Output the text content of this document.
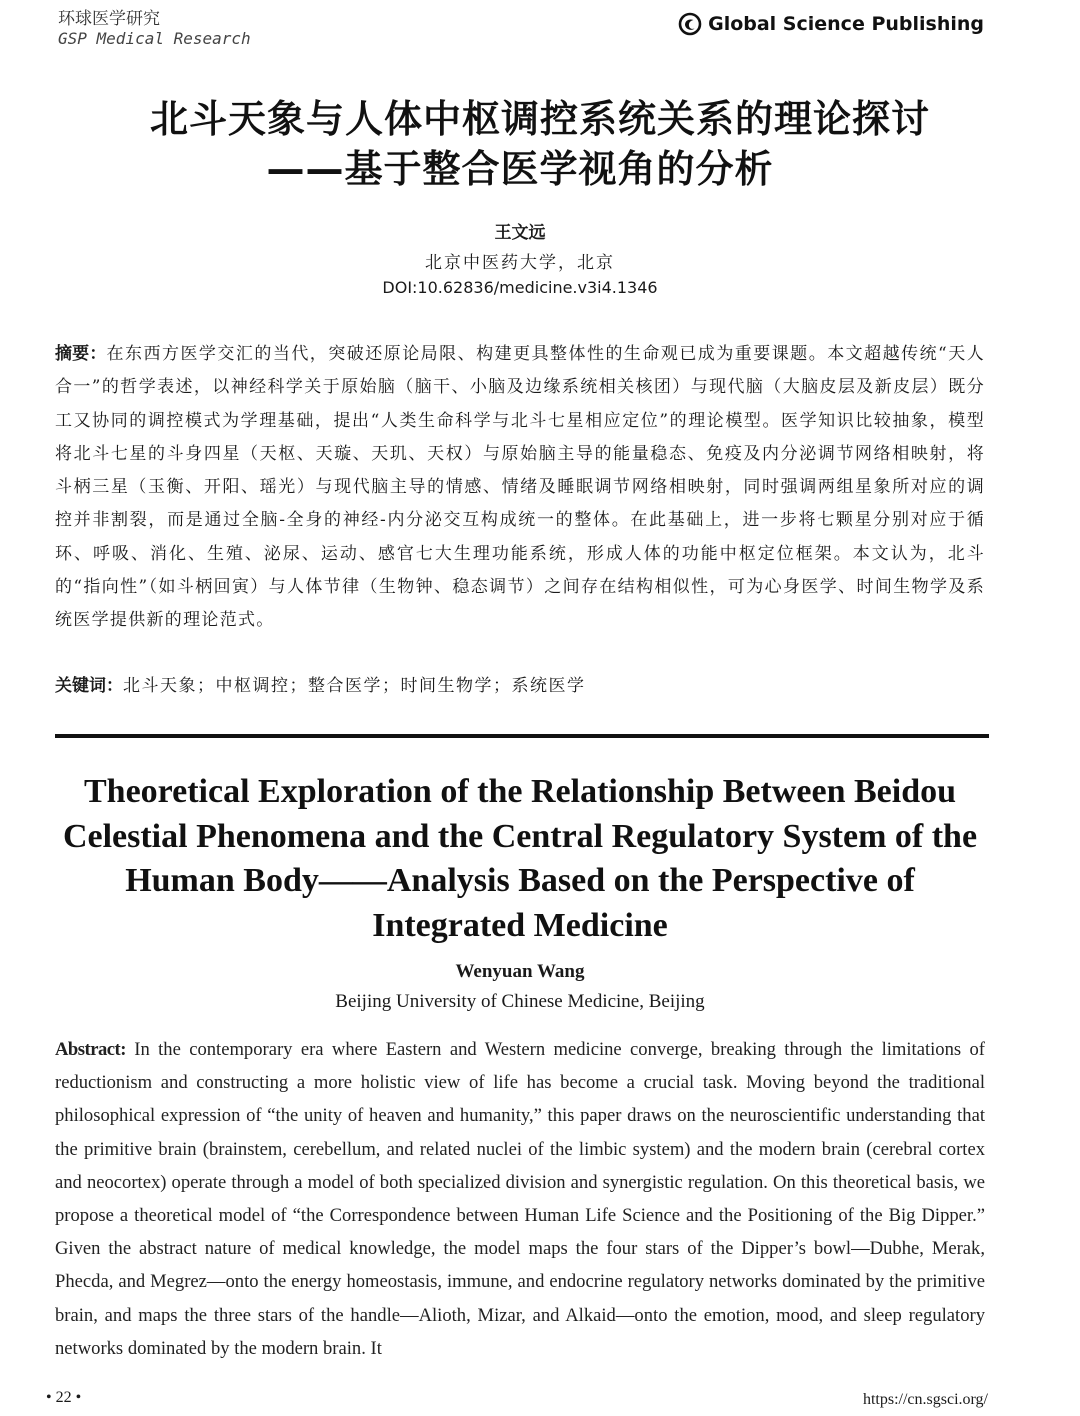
环球医学研究
GSP Medical Research
Global Science Publishing
北斗天象与人体中枢调控系统关系的理论探讨
——基于整合医学视角的分析
王文远
北京中医药大学，北京
DOI:10.62836/medicine.v3i4.1346
摘要：在东西方医学交汇的当代，突破还原论局限、构建更具整体性的生命观已成为重要课题。本文超越传统“天人合一”的哲学表述，以神经科学关于原始脑（脑干、小脑及边缘系统相关核团）与现代脑（大脑皮层及新皮层）既分工又协同的调控模式为学理基础，提出“人类生命科学与北斗七星相应定位”的理论模型。医学知识比较抽象，模型将北斗七星的斗身四星（天枢、天璇、天玑、天权）与原始脑主导的能量稳态、免疫及内分泌调节网络相映射，将斗柄三星（玉衡、开阳、瑶光）与现代脑主导的情感、情绪及睡眠调节网络相映射，同时强调两组星象所对应的调控并非割裂，而是通过全脑-全身的神经-内分泌交互构成统一的整体。在此基础上，进一步将七颗星分别对应于循环、呼吸、消化、生殖、泌尿、运动、感官七大生理功能系统，形成人体的功能中枢定位框架。本文认为，北斗的“指向性”（如斗柄回寅）与人体节律（生物钟、稳态调节）之间存在结构相似性，可为心身医学、时间生物学及系统医学提供新的理论范式。
关键词：北斗天象；中枢调控；整合医学；时间生物学；系统医学
Theoretical Exploration of the Relationship Between Beidou Celestial Phenomena and the Central Regulatory System of the Human Body——Analysis Based on the Perspective of Integrated Medicine
Wenyuan Wang
Beijing University of Chinese Medicine, Beijing
Abstract: In the contemporary era where Eastern and Western medicine converge, breaking through the limitations of reductionism and constructing a more holistic view of life has become a crucial task. Moving beyond the traditional philosophical expression of “the unity of heaven and humanity,” this paper draws on the neuroscientific understanding that the primitive brain (brainstem, cerebellum, and related nuclei of the limbic system) and the modern brain (cerebral cortex and neocortex) operate through a model of both specialized division and synergistic regulation. On this theoretical basis, we propose a theoretical model of “the Correspondence between Human Life Science and the Positioning of the Big Dipper.” Given the abstract nature of medical knowledge, the model maps the four stars of the Dipper’s bowl—Dubhe, Merak, Phecda, and Megrez—onto the energy homeostasis, immune, and endocrine regulatory networks dominated by the primitive brain, and maps the three stars of the handle—Alioth, Mizar, and Alkaid—onto the emotion, mood, and sleep regulatory networks dominated by the modern brain. It
• 22 •	https://cn.sgsci.org/
